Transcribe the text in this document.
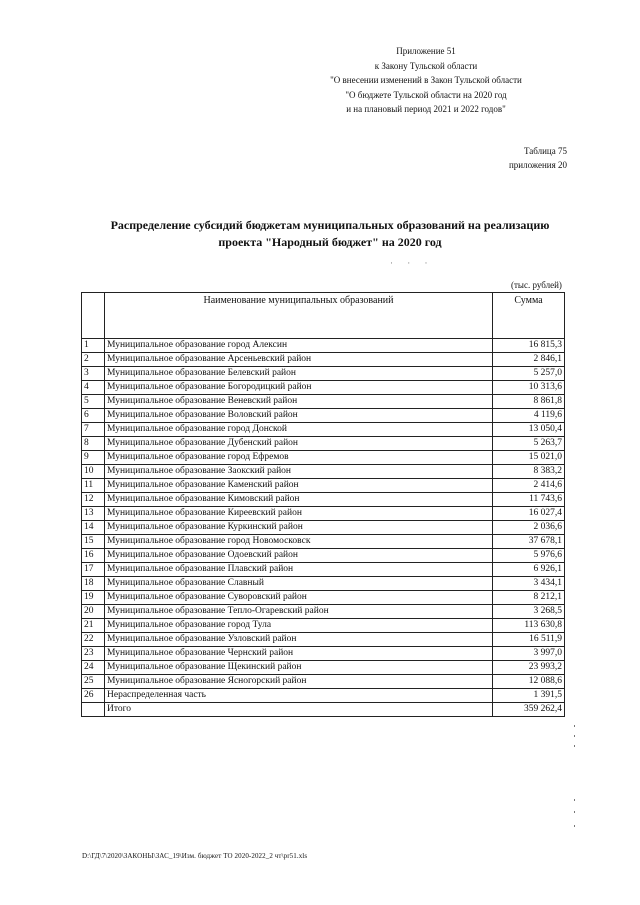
Приложение 51
к Закону Тульской области
"О внесении изменений в Закон Тульской области
"О бюджете Тульской области на 2020 год
и на плановый период 2021 и 2022 годов"
Таблица 75
приложения 20
Распределение субсидий бюджетам муниципальных образований на реализацию
проекта "Народный бюджет" на 2020 год
· · ·
(тыс. рублей)
	Наименование муниципальных образований	Сумма
1	Муниципальное образование город Алексин	16 815,3
2	Муниципальное образование Арсеньевский район	2 846,1
3	Муниципальное образование Белевский район	5 257,0
4	Муниципальное образование Богородицкий район	10 313,6
5	Муниципальное образование Веневский район	8 861,8
6	Муниципальное образование Воловский район	4 119,6
7	Муниципальное образование город Донской	13 050,4
8	Муниципальное образование Дубенский район	5 263,7
9	Муниципальное образование город Ефремов	15 021,0
10	Муниципальное образование Заокский район	8 383,2
11	Муниципальное образование Каменский район	2 414,6
12	Муниципальное образование Кимовский район	11 743,6
13	Муниципальное образование Киреевский район	16 027,4
14	Муниципальное образование Куркинский район	2 036,6
15	Муниципальное образование город Новомосковск	37 678,1
16	Муниципальное образование Одоевский район	5 976,6
17	Муниципальное образование Плавский район	6 926,1
18	Муниципальное образование Славный	3 434,1
19	Муниципальное образование Суворовский район	8 212,1
20	Муниципальное образование Тепло-Огаревский район	3 268,5
21	Муниципальное образование город Тула	113 630,8
22	Муниципальное образование Узловский район	16 511,9
23	Муниципальное образование Чернский район	3 997,0
24	Муниципальное образование Щекинский район	23 993,2
25	Муниципальное образование Ясногорский район	12 088,6
26	Нераспределенная часть	1 391,5
	Итого	359 262,4
D:\ГД\7\2020\ЗАКОНЫ\ЗАС_19\Изм. бюджет ТО 2020-2022_2 чт\pr51.xls
